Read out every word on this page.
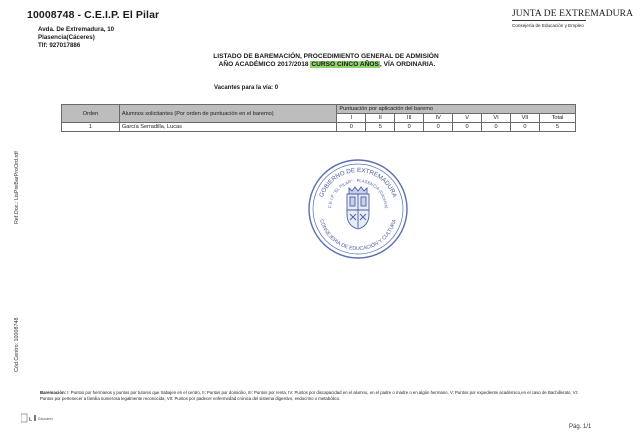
10008748 - C.E.I.P. El Pilar
Avda. De Extremadura, 10
Plasencia(Cáceres)
Tlf: 927017886
JUNTA DE EXTREMADURA
Consejería de Educación y Empleo
LISTADO DE BAREMACIÓN, PROCEDIMIENTO GENERAL DE ADMISIÓN
AÑO ACADÉMICO 2017/2018 CURSO CINCO AÑOS, VÍA ORDINARIA.
Vacantes para la vía: 0
Ref.Doc.: LisPreBarProOrd.rdf
Cód.Centro: 10008748
Orden	Alumnos solicitantes (Por orden de puntuación en el baremo)	Puntuación por aplicación del baremo							
		I	II	III	IV	V	VI	VII	Total
1	García Serradilla, Lucas	0	5	0	0	0	0	0	5
GOBIERNO DE EXTREMADURA
C.E.I.P. "EL PILAR" · PLASENCIA (Cáceres)
CONSEJERÍA DE EDUCACIÓN Y CULTURA
Baremación: I: Puntos por hermanos y puntos por tutores que trabajen en el centro, II: Puntos por domicilio, III: Puntos por renta, IV: Puntos por discapacidad en el alumno, en el padre o madre o en algún hermano, V: Puntos por expediente académico,en el caso de Bachillerato, VI: Puntos por pertenecer a familia numerosa legalmente reconocida, VII: Puntos por padecer enfermedad crónica del sistema digestivo, endocrino o metabólico.
L Educarex
Pág. 1/1
